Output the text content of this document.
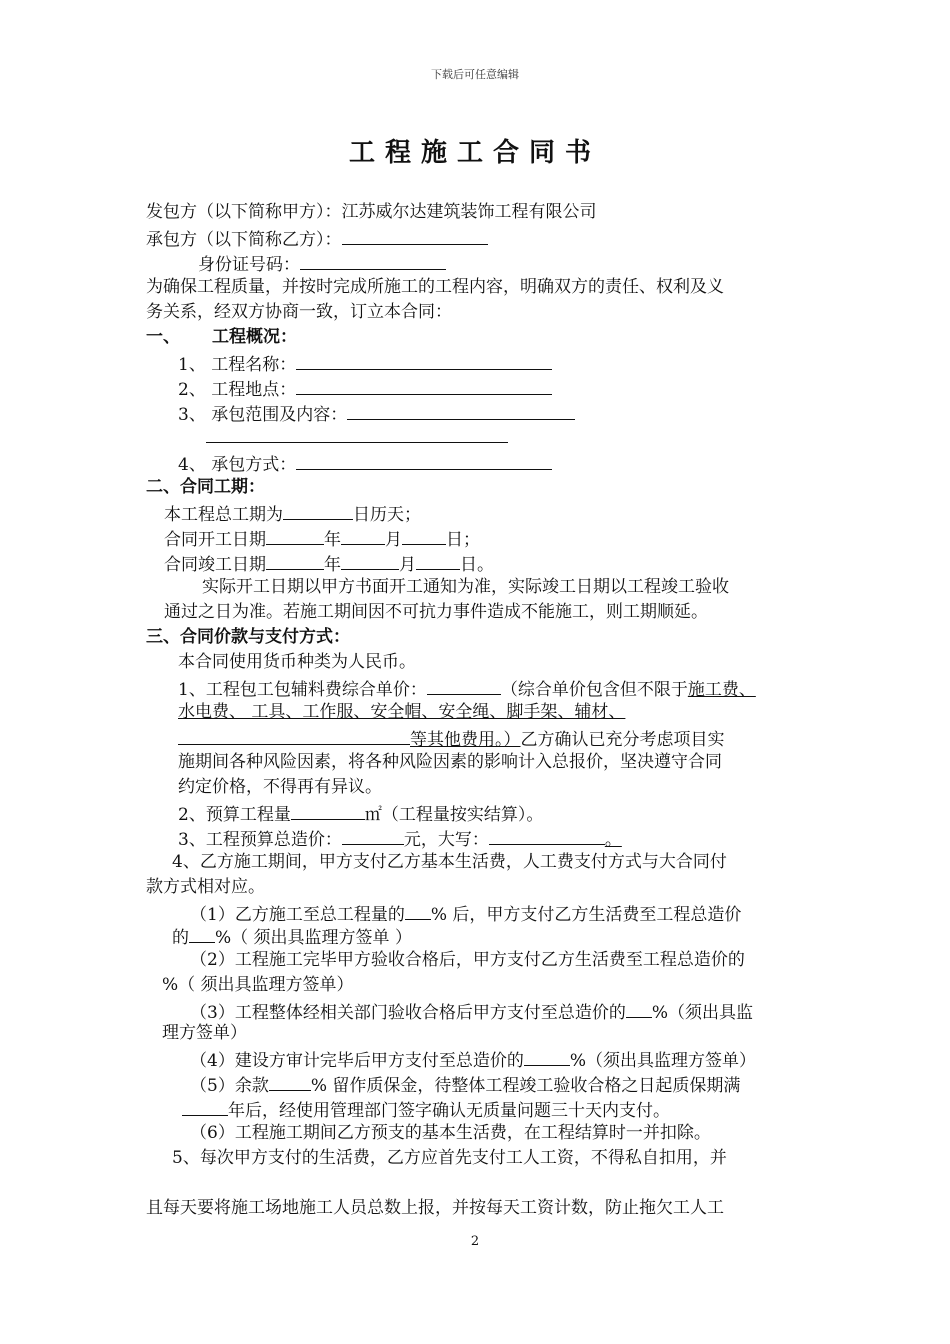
下载后可任意编辑
工程施工合同书
发包方（以下简称甲方）：江苏威尔达建筑装饰工程有限公司
承包方（以下简称乙方）：
身份证号码：
为确保工程质量，并按时完成所施工的工程内容，明确双方的责任、权利及义
务关系，经双方协商一致，订立本合同：
一、 工程概况：
1、 工程名称：
2、 工程地点：
3、 承包范围及内容：
4、 承包方式：
二、合同工期：
本工程总工期为	日历天；
合同开工日期	年	月	日；
合同竣工日期	年	月	日。
实际开工日期以甲方书面开工通知为准，实际竣工日期以工程竣工验收
通过之日为准。若施工期间因不可抗力事件造成不能施工，则工期顺延。
三、合同价款与支付方式：
本合同使用货币种类为人民币。
1、工程包工包辅料费综合单价：	（综合单价包含但不限于施工费、
水电费、 工具、工作服、安全帽、安全绳、脚手架、辅材、
等其他费用。）乙方确认已充分考虑项目实
施期间各种风险因素，将各种风险因素的影响计入总报价，坚决遵守合同
约定价格，不得再有异议。
2、预算工程量	㎡（工程量按实结算）。
3、工程预算总造价：	元，大写：	。
4、乙方施工期间，甲方支付乙方基本生活费，人工费支付方式与大合同付
款方式相对应。
（1）乙方施工至总工程量的 % 后，甲方支付乙方生活费至工程总造价
的 %（ 须出具监理方签单 ）
（2）工程施工完毕甲方验收合格后，甲方支付乙方生活费至工程总造价的
%（ 须出具监理方签单）
（3）工程整体经相关部门验收合格后甲方支付至总造价的 %（须出具监
理方签单）
（4）建设方审计完毕后甲方支付至总造价的	%（须出具监理方签单）
（5）余款 % 留作质保金，待整体工程竣工验收合格之日起质保期满
年后，经使用管理部门签字确认无质量问题三十天内支付。
（6）工程施工期间乙方预支的基本生活费，在工程结算时一并扣除。
5、每次甲方支付的生活费，乙方应首先支付工人工资，不得私自扣用，并
且每天要将施工场地施工人员总数上报，并按每天工资计数，防止拖欠工人工
2
